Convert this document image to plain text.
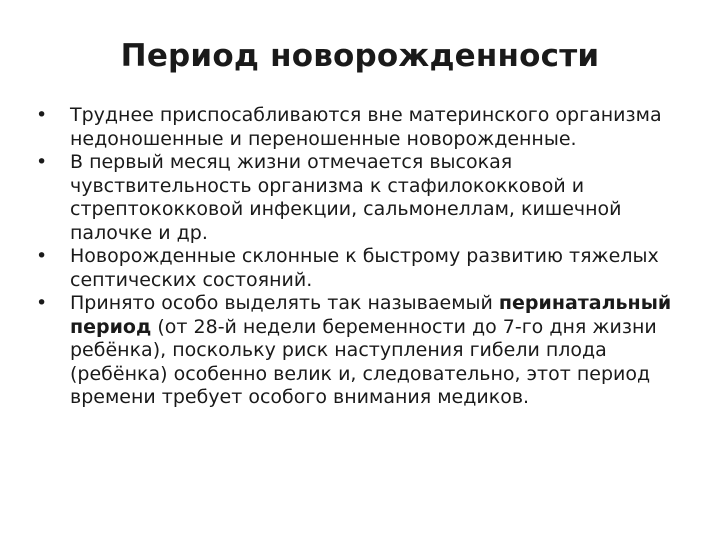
Период новорожденности
•	Труднее приспосабливаются вне материнского организма недоношенные и переношенные новорожденные.
•	В первый месяц жизни отмечается высокая чувствительность организма к стафилококковой и стрептококковой инфекции, сальмонеллам, кишечной палочке и др.
•	Новорожденные склонные к быстрому развитию тяжелых септических состояний.
•	Принято особо выделять так называемый перинатальный период (от 28-й недели беременности до 7-го дня жизни ребёнка), поскольку риск наступления гибели плода (ребёнка) особенно велик и, следовательно, этот период времени требует особого внимания медиков.
